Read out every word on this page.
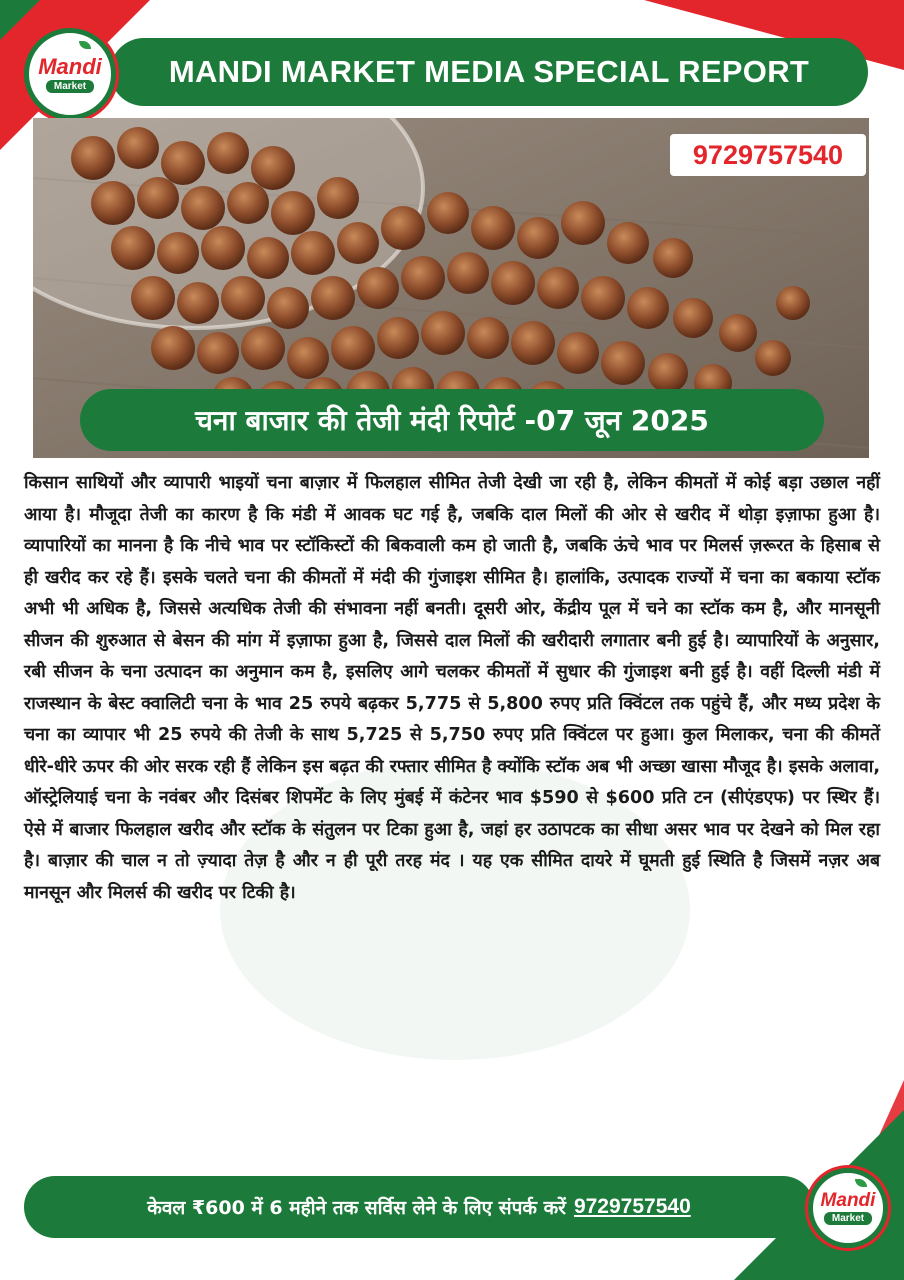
MANDI MARKET MEDIA SPECIAL REPORT
Mandi
Market
9729757540
चना बाजार की तेजी मंदी रिपोर्ट -07 जून 2025

किसान साथियों और व्यापारी भाइयों चना बाज़ार में फिलहाल सीमित तेजी देखी जा रही है, लेकिन कीमतों में कोई बड़ा उछाल नहीं आया है। मौजूदा तेजी का कारण है कि मंडी में आवक घट गई है, जबकि दाल मिलों की ओर से खरीद में थोड़ा इज़ाफा हुआ है। व्यापारियों का मानना है कि नीचे भाव पर स्टॉकिस्टों की बिकवाली कम हो जाती है, जबकि ऊंचे भाव पर मिलर्स ज़रूरत के हिसाब से ही खरीद कर रहे हैं। इसके चलते चना की कीमतों में मंदी की गुंजाइश सीमित है। हालांकि, उत्पादक राज्यों में चना का बकाया स्टॉक अभी भी अधिक है, जिससे अत्यधिक तेजी की संभावना नहीं बनती। दूसरी ओर, केंद्रीय पूल में चने का स्टॉक कम है, और मानसूनी सीजन की शुरुआत से बेसन की मांग में इज़ाफा हुआ है, जिससे दाल मिलों की खरीदारी लगातार बनी हुई है। व्यापारियों के अनुसार, रबी सीजन के चना उत्पादन का अनुमान कम है, इसलिए आगे चलकर कीमतों में सुधार की गुंजाइश बनी हुई है। वहीं दिल्ली मंडी में राजस्थान के बेस्ट क्वालिटी चना के भाव 25 रुपये बढ़कर 5,775 से 5,800 रुपए प्रति क्विंटल तक पहुंचे हैं, और मध्य प्रदेश के चना का व्यापार भी 25 रुपये की तेजी के साथ 5,725 से 5,750 रुपए प्रति क्विंटल पर हुआ। कुल मिलाकर, चना की कीमतें धीरे-धीरे ऊपर की ओर सरक रही हैं लेकिन इस बढ़त की रफ्तार सीमित है क्योंकि स्टॉक अब भी अच्छा खासा मौजूद है। इसके अलावा, ऑस्ट्रेलियाई चना के नवंबर और दिसंबर शिपमेंट के लिए मुंबई में कंटेनर भाव $590 से $600 प्रति टन (सीएंडएफ) पर स्थिर हैं। ऐसे में बाजार फिलहाल खरीद और स्टॉक के संतुलन पर टिका हुआ है, जहां हर उठापटक का सीधा असर भाव पर देखने को मिल रहा है। बाज़ार की चाल न तो ज़्यादा तेज़ है और न ही पूरी तरह मंद । यह एक सीमित दायरे में घूमती हुई स्थिति है जिसमें नज़र अब मानसून और मिलर्स की खरीद पर टिकी है।

केवल ₹600 में 6 महीने तक सर्विस लेने के लिए संपर्क करें 9729757540	Mandi
Market
